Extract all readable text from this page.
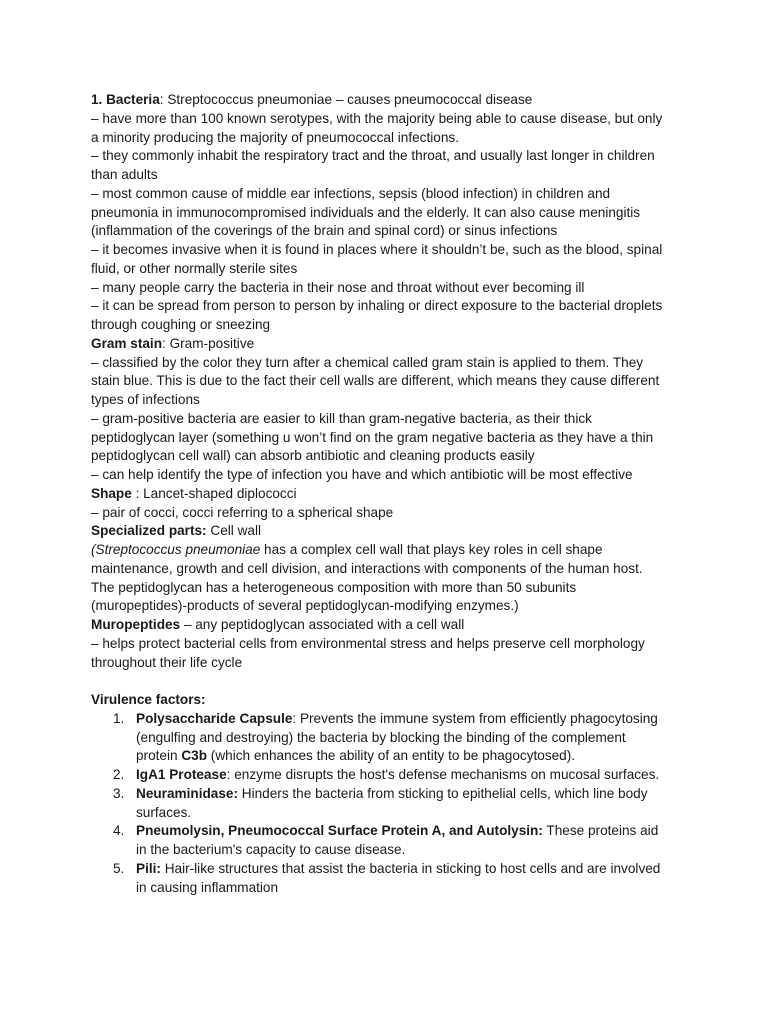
1. Bacteria: Streptococcus pneumoniae – causes pneumococcal disease
– have more than 100 known serotypes, with the majority being able to cause disease, but only
a minority producing the majority of pneumococcal infections.
– they commonly inhabit the respiratory tract and the throat, and usually last longer in children
than adults
– most common cause of middle ear infections, sepsis (blood infection) in children and
pneumonia in immunocompromised individuals and the elderly. It can also cause meningitis
(inflammation of the coverings of the brain and spinal cord) or sinus infections
– it becomes invasive when it is found in places where it shouldn’t be, such as the blood, spinal
fluid, or other normally sterile sites
– many people carry the bacteria in their nose and throat without ever becoming ill
– it can be spread from person to person by inhaling or direct exposure to the bacterial droplets
through coughing or sneezing
Gram stain: Gram-positive
– classified by the color they turn after a chemical called gram stain is applied to them. They
stain blue. This is due to the fact their cell walls are different, which means they cause different
types of infections
– gram-positive bacteria are easier to kill than gram-negative bacteria, as their thick
peptidoglycan layer (something u won’t find on the gram negative bacteria as they have a thin
peptidoglycan cell wall) can absorb antibiotic and cleaning products easily
– can help identify the type of infection you have and which antibiotic will be most effective
Shape : Lancet-shaped diplococci
– pair of cocci, cocci referring to a spherical shape
Specialized parts: Cell wall
(Streptococcus pneumoniae has a complex cell wall that plays key roles in cell shape
maintenance, growth and cell division, and interactions with components of the human host.
The peptidoglycan has a heterogeneous composition with more than 50 subunits
(muropeptides)-products of several peptidoglycan-modifying enzymes.)
Muropeptides – any peptidoglycan associated with a cell wall
– helps protect bacterial cells from environmental stress and helps preserve cell morphology
throughout their life cycle
Virulence factors:
1. Polysaccharide Capsule: Prevents the immune system from efficiently phagocytosing
(engulfing and destroying) the bacteria by blocking the binding of the complement
protein C3b (which enhances the ability of an entity to be phagocytosed).
2. IgA1 Protease: enzyme disrupts the host's defense mechanisms on mucosal surfaces.
3. Neuraminidase: Hinders the bacteria from sticking to epithelial cells, which line body
surfaces.
4. Pneumolysin, Pneumococcal Surface Protein A, and Autolysin: These proteins aid
in the bacterium's capacity to cause disease.
5. Pili: Hair-like structures that assist the bacteria in sticking to host cells and are involved
in causing inflammation
